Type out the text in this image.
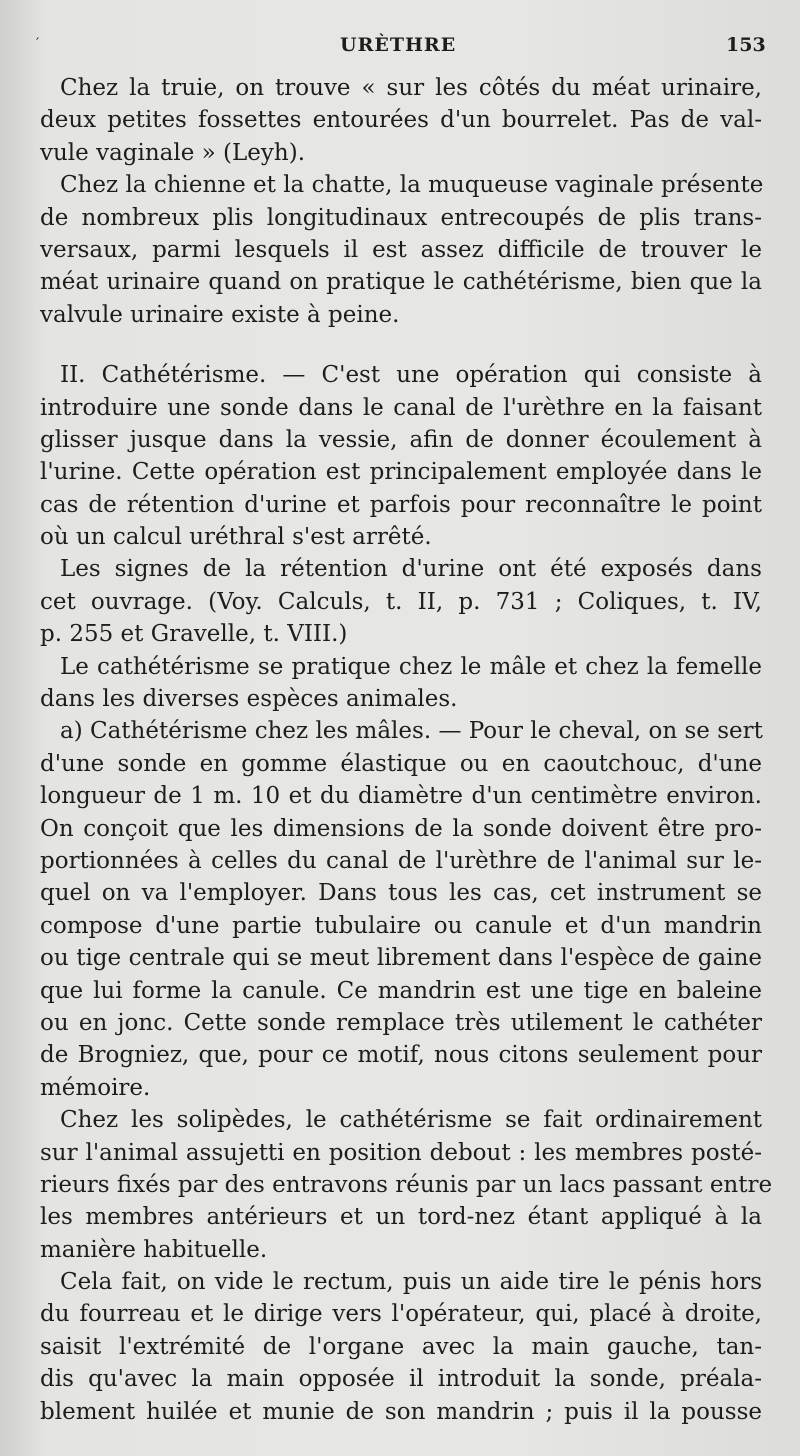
′	URÈTHRE	153
Chez la truie, on trouve « sur les côtés du méat urinaire,
deux petites fossettes entourées d'un bourrelet. Pas de val-
vule vaginale » (Leyh).
Chez la chienne et la chatte, la muqueuse vaginale présente
de nombreux plis longitudinaux entrecoupés de plis trans-
versaux, parmi lesquels il est assez difficile de trouver le
méat urinaire quand on pratique le cathétérisme, bien que la
valvule urinaire existe à peine.
II. Cathétérisme. — C'est une opération qui consiste à
introduire une sonde dans le canal de l'urèthre en la faisant
glisser jusque dans la vessie, afin de donner écoulement à
l'urine. Cette opération est principalement employée dans le
cas de rétention d'urine et parfois pour reconnaître le point
où un calcul uréthral s'est arrêté.
Les signes de la rétention d'urine ont été exposés dans
cet ouvrage. (Voy. Calculs, t. II, p. 731 ; Coliques, t. IV,
p. 255 et Gravelle, t. VIII.)
Le cathétérisme se pratique chez le mâle et chez la femelle
dans les diverses espèces animales.
a) Cathétérisme chez les mâles. — Pour le cheval, on se sert
d'une sonde en gomme élastique ou en caoutchouc, d'une
longueur de 1 m. 10 et du diamètre d'un centimètre environ.
On conçoit que les dimensions de la sonde doivent être pro-
portionnées à celles du canal de l'urèthre de l'animal sur le-
quel on va l'employer. Dans tous les cas, cet instrument se
compose d'une partie tubulaire ou canule et d'un mandrin
ou tige centrale qui se meut librement dans l'espèce de gaine
que lui forme la canule. Ce mandrin est une tige en baleine
ou en jonc. Cette sonde remplace très utilement le cathéter
de Brogniez, que, pour ce motif, nous citons seulement pour
mémoire.
Chez les solipèdes, le cathétérisme se fait ordinairement
sur l'animal assujetti en position debout : les membres posté-
rieurs fixés par des entravons réunis par un lacs passant entre
les membres antérieurs et un tord-nez étant appliqué à la
manière habituelle.
Cela fait, on vide le rectum, puis un aide tire le pénis hors
du fourreau et le dirige vers l'opérateur, qui, placé à droite,
saisit l'extrémité de l'organe avec la main gauche, tan-
dis qu'avec la main opposée il introduit la sonde, préala-
blement huilée et munie de son mandrin ; puis il la pousse
